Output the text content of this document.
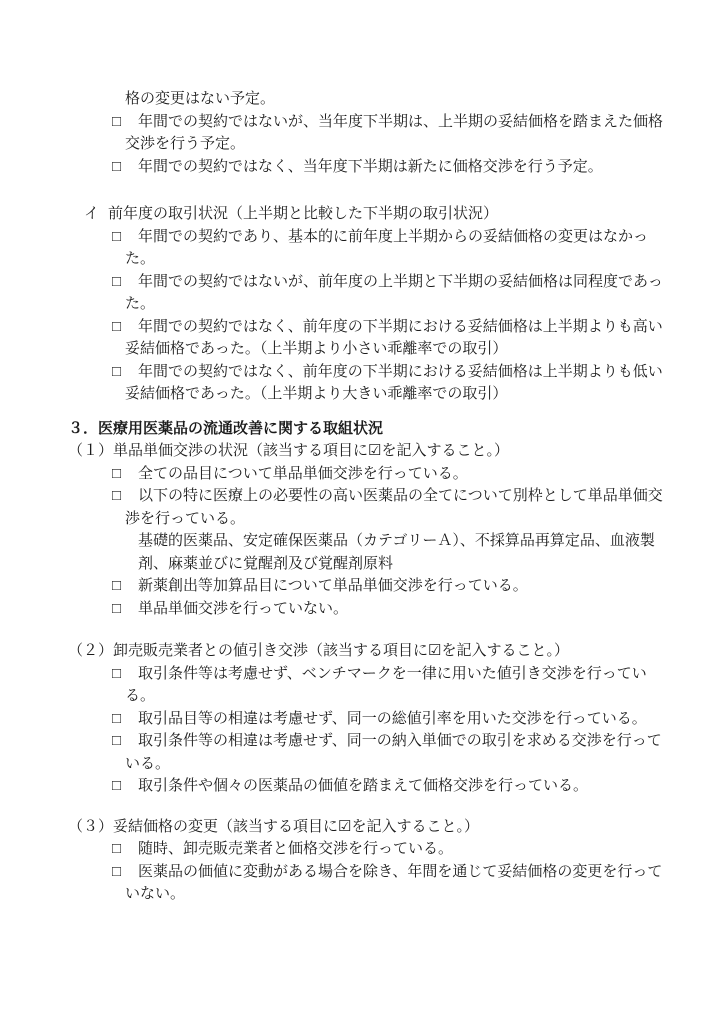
格の変更はない予定。
□ 年間での契約ではないが、当年度下半期は、上半期の妥結価格を踏まえた価格
交渉を行う予定。
□ 年間での契約ではなく、当年度下半期は新たに価格交渉を行う予定。
イ 前年度の取引状況（上半期と比較した下半期の取引状況）
□ 年間での契約であり、基本的に前年度上半期からの妥結価格の変更はなかっ
た。
□ 年間での契約ではないが、前年度の上半期と下半期の妥結価格は同程度であっ
た。
□ 年間での契約ではなく、前年度の下半期における妥結価格は上半期よりも高い
妥結価格であった。（上半期より小さい乖離率での取引）
□ 年間での契約ではなく、前年度の下半期における妥結価格は上半期よりも低い
妥結価格であった。（上半期より大きい乖離率での取引）
３．医療用医薬品の流通改善に関する取組状況
（１）単品単価交渉の状況（該当する項目に☑を記入すること。）
□ 全ての品目について単品単価交渉を行っている。
□ 以下の特に医療上の必要性の高い医薬品の全てについて別枠として単品単価交
渉を行っている。
基礎的医薬品、安定確保医薬品（カテゴリーＡ）、不採算品再算定品、血液製
剤、麻薬並びに覚醒剤及び覚醒剤原料
□ 新薬創出等加算品目について単品単価交渉を行っている。
□ 単品単価交渉を行っていない。
（２）卸売販売業者との値引き交渉（該当する項目に☑を記入すること。）
□ 取引条件等は考慮せず、ベンチマークを一律に用いた値引き交渉を行ってい
る。
□ 取引品目等の相違は考慮せず、同一の総値引率を用いた交渉を行っている。
□ 取引条件等の相違は考慮せず、同一の納入単価での取引を求める交渉を行って
いる。
□ 取引条件や個々の医薬品の価値を踏まえて価格交渉を行っている。
（３）妥結価格の変更（該当する項目に☑を記入すること。）
□ 随時、卸売販売業者と価格交渉を行っている。
□ 医薬品の価値に変動がある場合を除き、年間を通じて妥結価格の変更を行って
いない。
